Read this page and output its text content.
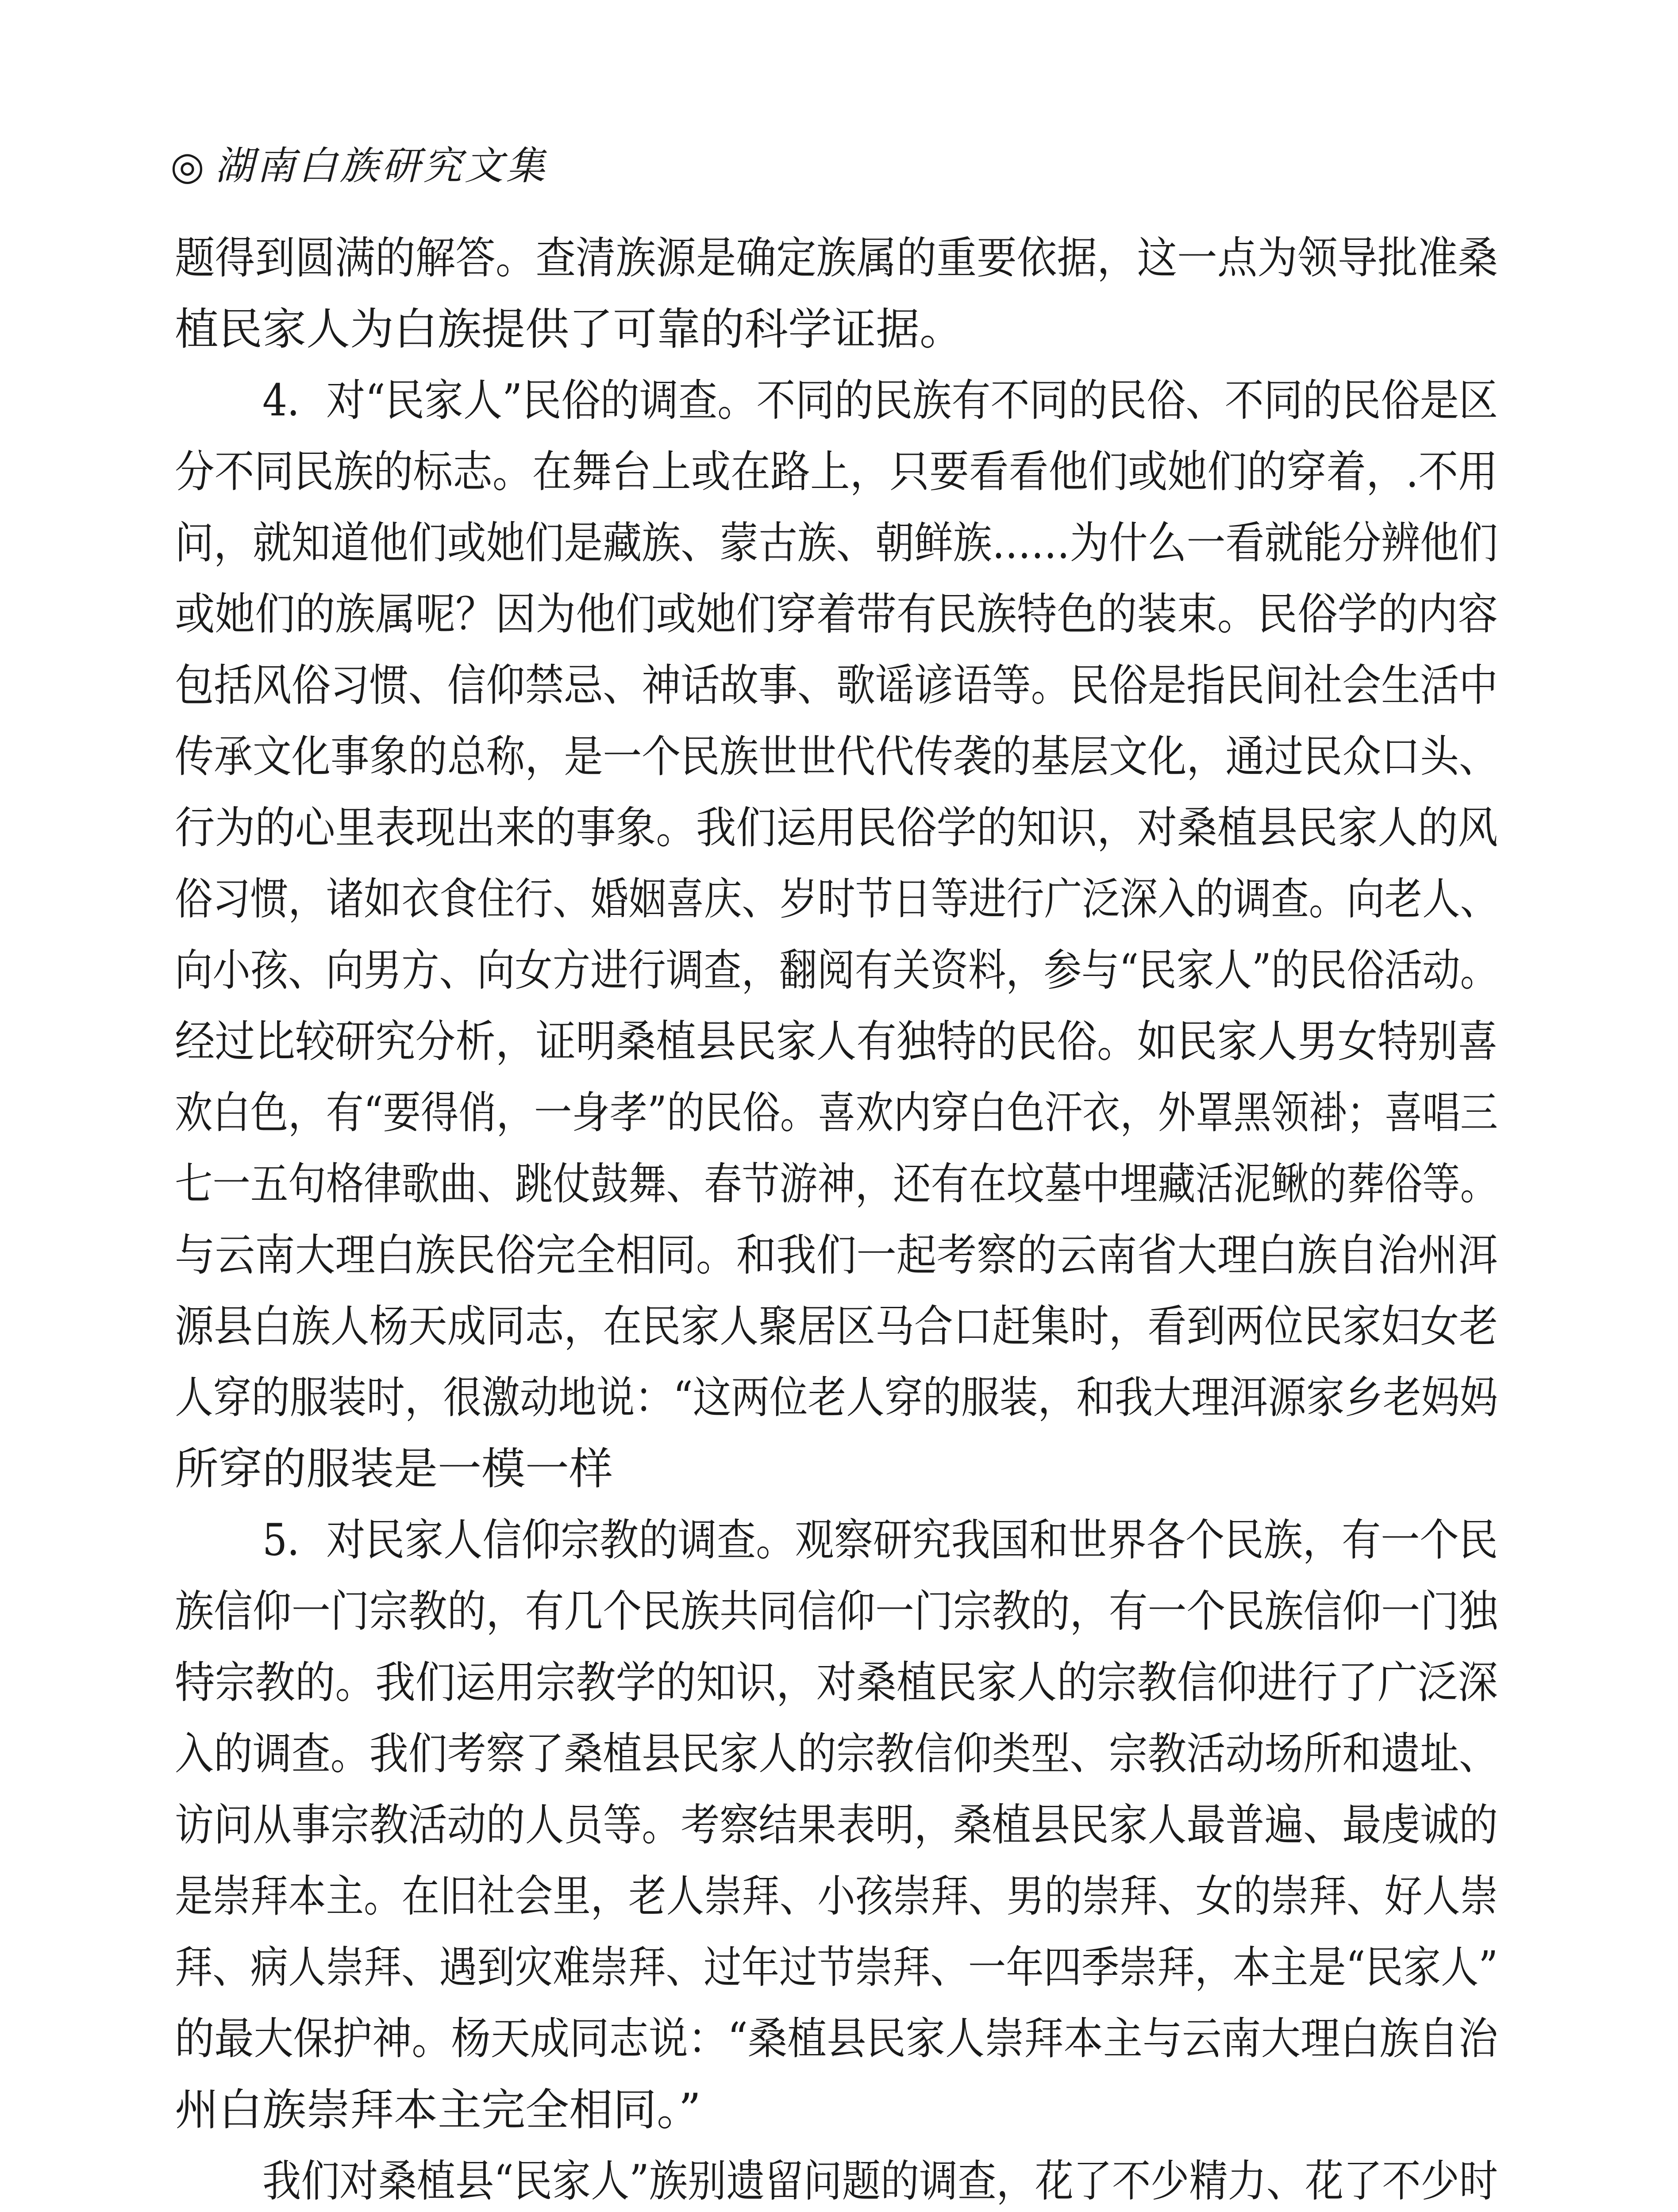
◎ 湖南白族研究文集
题得到圆满的解答。查清族源是确定族属的重要依据，这一点为领导批准桑
植民家人为白族提供了可靠的科学证据。
4．对“民家人”民俗的调查。不同的民族有不同的民俗、不同的民俗是区
分不同民族的标志。在舞台上或在路上，只要看看他们或她们的穿着，.不用
问，就知道他们或她们是藏族、蒙古族、朝鲜族……为什么一看就能分辨他们
或她们的族属呢？因为他们或她们穿着带有民族特色的装束。民俗学的内容
包括风俗习惯、信仰禁忌、神话故事、歌谣谚语等。民俗是指民间社会生活中
传承文化事象的总称，是一个民族世世代代传袭的基层文化，通过民众口头、
行为的心里表现出来的事象。我们运用民俗学的知识，对桑植县民家人的风
俗习惯，诸如衣食住行、婚姻喜庆、岁时节日等进行广泛深入的调查。向老人、
向小孩、向男方、向女方进行调查，翻阅有关资料，参与“民家人”的民俗活动。
经过比较研究分析，证明桑植县民家人有独特的民俗。如民家人男女特别喜
欢白色，有“要得俏，一身孝”的民俗。喜欢内穿白色汗衣，外罩黑领褂；喜唱三
七一五句格律歌曲、跳仗鼓舞、春节游神，还有在坟墓中埋藏活泥鳅的葬俗等。
与云南大理白族民俗完全相同。和我们一起考察的云南省大理白族自治州洱
源县白族人杨天成同志，在民家人聚居区马合口赶集时，看到两位民家妇女老
人穿的服装时，很激动地说：“这两位老人穿的服装，和我大理洱源家乡老妈妈
所穿的服装是一模一样
5．对民家人信仰宗教的调查。观察研究我国和世界各个民族，有一个民
族信仰一门宗教的，有几个民族共同信仰一门宗教的，有一个民族信仰一门独
特宗教的。我们运用宗教学的知识，对桑植民家人的宗教信仰进行了广泛深
入的调查。我们考察了桑植县民家人的宗教信仰类型、宗教活动场所和遗址、
访问从事宗教活动的人员等。考察结果表明，桑植县民家人最普遍、最虔诚的
是崇拜本主。在旧社会里，老人崇拜、小孩崇拜、男的崇拜、女的崇拜、好人崇
拜、病人崇拜、遇到灾难崇拜、过年过节崇拜、一年四季崇拜，本主是“民家人”
的最大保护神。杨天成同志说：“桑植县民家人崇拜本主与云南大理白族自治
州白族崇拜本主完全相同。”
我们对桑植县“民家人”族别遗留问题的调查，花了不少精力、花了不少时
